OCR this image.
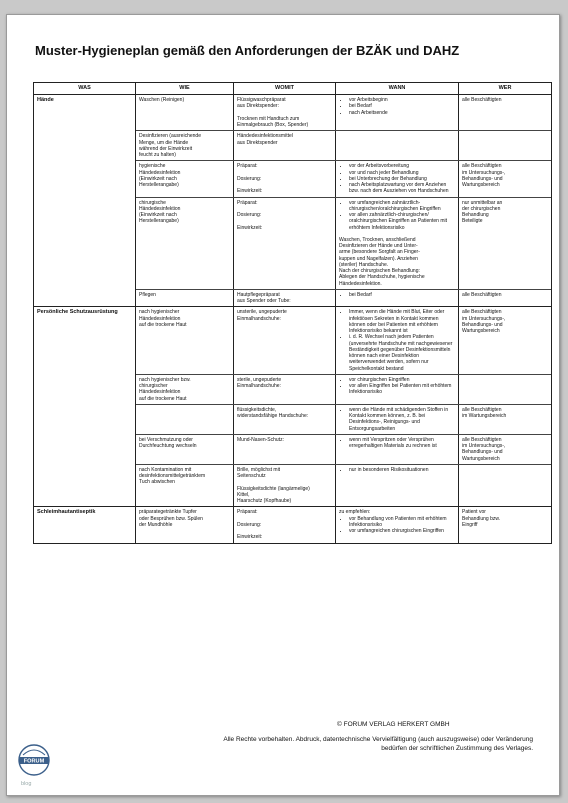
Muster-Hygieneplan gemäß den Anforderungen der BZÄK und DAHZ
WAS	WIE	WOMIT	WANN	WER
Hände	Waschen (Reinigen)	Flüssigwaschpräparat
aus Direktspender:

Trocknen mit Handtuch zum
Einmalgebrauch (Box, Spender)
• vor Arbeitsbeginn
• bei Bedarf
• nach Arbeitsende
alle Beschäftigten
Desinfizieren (ausreichende
Menge, um die Hände
während der Einwirkzeit
feucht zu halten)
Händedesinfektionsmittel
aus Direktspender
hygienische
Händedesinfektion
(Einwirkzeit nach
Herstellerangabe)
Präparat:

Dosierung:

Einwirkzeit:
• vor der Arbeitsvorbereitung
• vor und nach jeder Behandlung
• bei Unterbrechung der Behandlung
• nach Arbeitsplatzwartung vor dem Anziehen bzw. nach dem Ausziehen von Handschuhen
alle Beschäftigten
im Untersuchungs-,
Behandlungs- und
Wartungsbereich
chirurgische
Händedesinfektion
(Einwirkzeit nach
Herstellerangabe)
Präparat:

Dosierung:

Einwirkzeit:
• vor umfangreichen zahnärztlich-chirurgischen/oralchirurgischen Eingriffen
• vor allen zahnärztlich-chirurgischen/ oralchirurgischen Eingriffen an Patienten mit erhöhtem Infektionsrisiko
Waschen, Trocknen, anschließend
Desinfizieren der Hände und Unter-
arme (besondere Sorgfalt an Finger-
kuppen und Nagelfalzen). Anziehen
(steriler) Handschuhe.
Nach der chirurgischen Behandlung:
Ablegen der Handschuhe, hygienische
Händedesinfektion.
nur unmittelbar an
der chirurgischen
Behandlung
Beteiligte
Pflegen	Hautpflegepräparat
aus Spender oder Tube:
• bei Bedarf	alle Beschäftigten
Persönliche Schutzausrüstung	nach hygienischer
Händedesinfektion
auf die trockene Haut
unsterile, ungepuderte
Einmalhandschuhe:
• Immer, wenn die Hände mit Blut, Eiter oder infektiösen Sekreten in Kontakt kommen können oder bei Patienten mit erhöhtem Infektionsrisiko bekannt ist
• i. d. R. Wechsel nach jedem Patienten (unversehrte Handschuhe mit nachgewiesener Beständigkeit gegenüber Desinfektionsmitteln können nach einer Desinfektion weiterverwendet werden, sofern nur Speichelkontakt bestand
alle Beschäftigten
im Untersuchungs-,
Behandlungs- und
Wartungsbereich
nach hygienischer bzw.
chirurgischer
Händedesinfektion
auf die trockene Haut
sterile, ungepuderte
Einmalhandschuhe:
• vor chirurgischen Eingriffen
• vor allen Eingriffen bei Patienten mit erhöhtem Infektionsrisiko
flüssigkeitsdichte,
widerstandsfähige Handschuhe:
• wenn die Hände mit schädigenden Stoffen in Kontakt kommen können, z. B. bei Desinfektions-, Reinigungs- und Entsorgungsarbeiten
alle Beschäftigten
im Wartungsbereich
bei Verschmutzung oder
Durchfeuchtung wechseln
Mund-Nasen-Schutz:
•	wenn mit Verspritzen oder Versprühen erregerhaltigen Materials zu rechnen ist
alle Beschäftigten
im Untersuchungs-,
Behandlungs- und
Wartungsbereich
nach Kontamination mit
desinfektionsmittelgetränktem
Tuch abwischen
Brille, möglichst mit
Seitenschutz

Flüssigkeitsdichte (langärmelige)
Kittel,
Haarschutz (Kopfhaube)
• nur in besonderen Risikosituationen
Schleimhautantiseptik	präparategetränkte Tupfer
oder Besprühen bzw. Spülen
der Mundhöhle
Präparat:

Dosierung:

Einwirkzeit:
zu empfehlen:
• vor Behandlung von Patienten mit erhöhtem Infektionsrisiko
• vor umfangreichen chirurgischen Eingriffen
Patient vor
Behandlung bzw.
Eingriff
© FORUM VERLAG HERKERT GMBH
Alle Rechte vorbehalten. Abdruck, datentechnische Vervielfältigung (auch auszugsweise) oder Veränderung
bedürfen der schriftlichen Zustimmung des Verlages.
FORUM
blog
